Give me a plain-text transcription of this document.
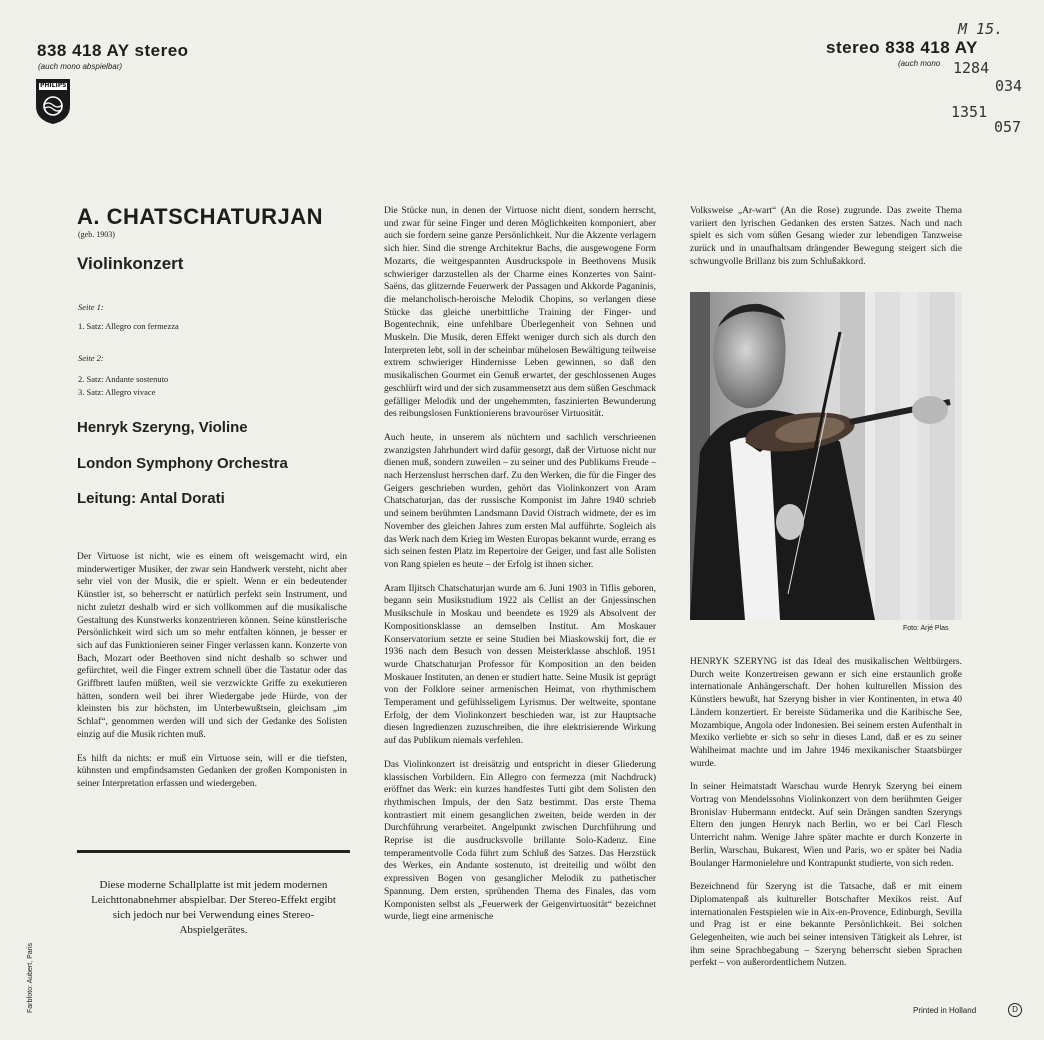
838 418 AY stereo
(auch mono abspielbar)
✦
✦
PHILIPS
stereo 838 418 AY
(auch mono
M 15.
1284
034
1351
057
A. CHATSCHATURJAN
(geb. 1903)
Violinkonzert
Seite 1:
1. Satz: Allegro con fermezza
Seite 2:
2. Satz: Andante sostenuto
3. Satz: Allegro vivace
Henryk Szeryng, Violine
London Symphony Orchestra
Leitung: Antal Dorati

Der Virtuose ist nicht, wie es einem oft weisgemacht wird, ein minderwertiger Musiker, der zwar sein Handwerk versteht, nicht aber sehr viel von der Musik, die er spielt. Wenn er ein bedeutender Künstler ist, so beherrscht er natürlich perfekt sein Instrument, und nicht zuletzt deshalb wird er sich vollkommen auf die musikalische Gestaltung des Kunstwerks konzentrieren können. Seine künstlerische Persönlichkeit wird sich um so mehr entfalten können, je besser er sich auf das Funktionieren seiner Finger verlassen kann. Konzerte von Bach, Mozart oder Beethoven sind nicht deshalb so schwer und gefürchtet, weil die Finger extrem schnell über die Tastatur oder das Griffbrett laufen müßten, weil sie verzwickte Griffe zu exekutieren hätten, sondern weil bei ihrer Wiedergabe jede Hürde, von der kleinsten bis zur höchsten, im Unterbewußtsein, gleichsam „im Schlaf“, genommen werden will und sich der Gedanke des Solisten einzig auf die Musik richten muß.

Es hilft da nichts: er muß ein Virtuose sein, will er die tiefsten, kühnsten und empfindsamsten Gedanken der großen Komponisten in seiner Interpretation erfassen und wiedergeben.

Diese moderne Schallplatte ist mit jedem modernen Leichttonabnehmer abspielbar. Der Stereo-Effekt ergibt sich jedoch nur bei Verwendung eines Stereo-Abspielgerätes.
Farbfoto: Aubert, Paris

Die Stücke nun, in denen der Virtuose nicht dient, sondern herrscht, und zwar für seine Finger und deren Möglichkeiten komponiert, aber auch sie fordern seine ganze Persönlichkeit. Nur die Akzente verlagern sich hier. Sind die strenge Architektur Bachs, die ausgewogene Form Mozarts, die weitgespannten Ausdruckspole in Beethovens Musik schwieriger darzustellen als der Charme eines Konzertes von Saint-Saëns, das glitzernde Feuerwerk der Passagen und Akkorde Paganinis, die melancholisch-heroische Melodik Chopins, so verlangen diese Stücke das gleiche unerbittliche Training der Finger- und Bogentechnik, eine unfehlbare Überlegenheit von Sehnen und Muskeln. Die Musik, deren Effekt weniger durch sich als durch den Interpreten lebt, soll in der scheinbar mühelosen Bewältigung teilweise extrem schwieriger Hindernisse Leben gewinnen, so daß den musikalischen Gourmet ein Genuß erwartet, der geschlossenen Auges geschlürft wird und der sich zusammensetzt aus dem süßen Geschmack gefälliger Melodik und der ungehemmten, faszinierten Bewunderung des reibungslosen Funktionierens bravouröser Virtuosität.

Auch heute, in unserem als nüchtern und sachlich verschrieenen zwanzigsten Jahrhundert wird dafür gesorgt, daß der Virtuose nicht nur dienen muß, sondern zuweilen – zu seiner und des Publikums Freude – nach Herzenslust herrschen darf. Zu den Werken, die für die Finger des Geigers geschrieben wurden, gehört das Violinkonzert von Aram Chatschaturjan, das der russische Komponist im Jahre 1940 schrieb und seinem berühmten Landsmann David Oistrach widmete, der es im November des gleichen Jahres zum ersten Mal aufführte. Sogleich als das Werk nach dem Krieg im Westen Europas bekannt wurde, errang es sich seinen festen Platz im Repertoire der Geiger, und fast alle Solisten von Rang spielen es heute – der Erfolg ist ihnen sicher.

Aram Iljitsch Chatschaturjan wurde am 6. Juni 1903 in Tiflis geboren, begann sein Musikstudium 1922 als Cellist an der Gnjessinschen Musikschule in Moskau und beendete es 1929 als Absolvent der Kompositionsklasse an demselben Institut. Am Moskauer Konservatorium setzte er seine Studien bei Miaskowskij fort, die er 1936 nach dem Besuch von dessen Meisterklasse abschloß. 1951 wurde Chatschaturjan Professor für Komposition an den beiden Moskauer Instituten, an denen er studiert hatte. Seine Musik ist geprägt von der Folklore seiner armenischen Heimat, von rhythmischem Temperament und gefühlsseligem Lyrismus. Der weltweite, spontane Erfolg, der dem Violinkonzert beschieden war, ist zur Hauptsache diesen Ingredienzen zuzuschreiben, die ihre elektrisierende Wirkung auf das Publikum niemals verfehlen.

Das Violinkonzert ist dreisätzig und entspricht in dieser Gliederung klassischen Vorbildern. Ein Allegro con fermezza (mit Nachdruck) eröffnet das Werk: ein kurzes handfestes Tutti gibt dem Solisten den rhythmischen Impuls, der den Satz bestimmt. Das erste Thema kontrastiert mit einem gesanglichen zweiten, beide werden in der Durchführung verarbeitet. Angelpunkt zwischen Durchführung und Reprise ist die ausdrucksvolle brillante Solo-Kadenz. Eine temperamentvolle Coda führt zum Schluß des Satzes. Das Herzstück des Werkes, ein Andante sostenuto, ist dreiteilig und wölbt den expressiven Bogen von gesanglicher Melodik zu pathetischer Spannung. Dem ersten, sprühenden Thema des Finales, das vom Komponisten selbst als „Feuerwerk der Geigenvirtuosität“ bezeichnet wurde, liegt eine armenische

Volksweise „Ar-wart“ (An die Rose) zugrunde. Das zweite Thema variiert den lyrischen Gedanken des ersten Satzes. Nach und nach spielt es sich vom süßen Gesang wieder zur lebendigen Tanzweise zurück und in unaufhaltsam drängender Bewegung steigert sich die schwungvolle Brillanz bis zum Schlußakkord.
Foto: Arjé Plas

HENRYK SZERYNG ist das Ideal des musikalischen Weltbürgers. Durch weite Konzertreisen gewann er sich eine erstaunlich große internationale Anhängerschaft. Der hohen kulturellen Mission des Künstlers bewußt, hat Szeryng bisher in vier Kontinenten, in etwa 40 Ländern konzertiert. Er bereiste Südamerika und die Karibische See, Mozambique, Angola oder Indonesien. Bei seinem ersten Aufenthalt in Mexiko verliebte er sich so sehr in dieses Land, daß er es zu seiner Wahlheimat machte und im Jahre 1946 mexikanischer Staatsbürger wurde.

In seiner Heimatstadt Warschau wurde Henryk Szeryng bei einem Vortrag von Mendelssohns Violinkonzert von dem berühmten Geiger Bronislav Hubermann entdeckt. Auf sein Drängen sandten Szeryngs Eltern den jungen Henryk nach Berlin, wo er bei Carl Flesch Unterricht nahm. Wenige Jahre später machte er durch Konzerte in Berlin, Warschau, Bukarest, Wien und Paris, wo er später bei Nadia Boulanger Harmonielehre und Kontrapunkt studierte, von sich reden.

Bezeichnend für Szeryng ist die Tatsache, daß er mit einem Diplomatenpaß als kultureller Botschafter Mexikos reist. Auf internationalen Festspielen wie in Aix-en-Provence, Edinburgh, Sevilla und Prag ist er eine bekannte Persönlichkeit. Bei solchen Gelegenheiten, wie auch bei seiner intensiven Tätigkeit als Lehrer, ist ihm seine Sprachbegabung – Szeryng beherrscht sieben Sprachen perfekt – von außerordentlichem Nutzen.

Printed in Holland	D
